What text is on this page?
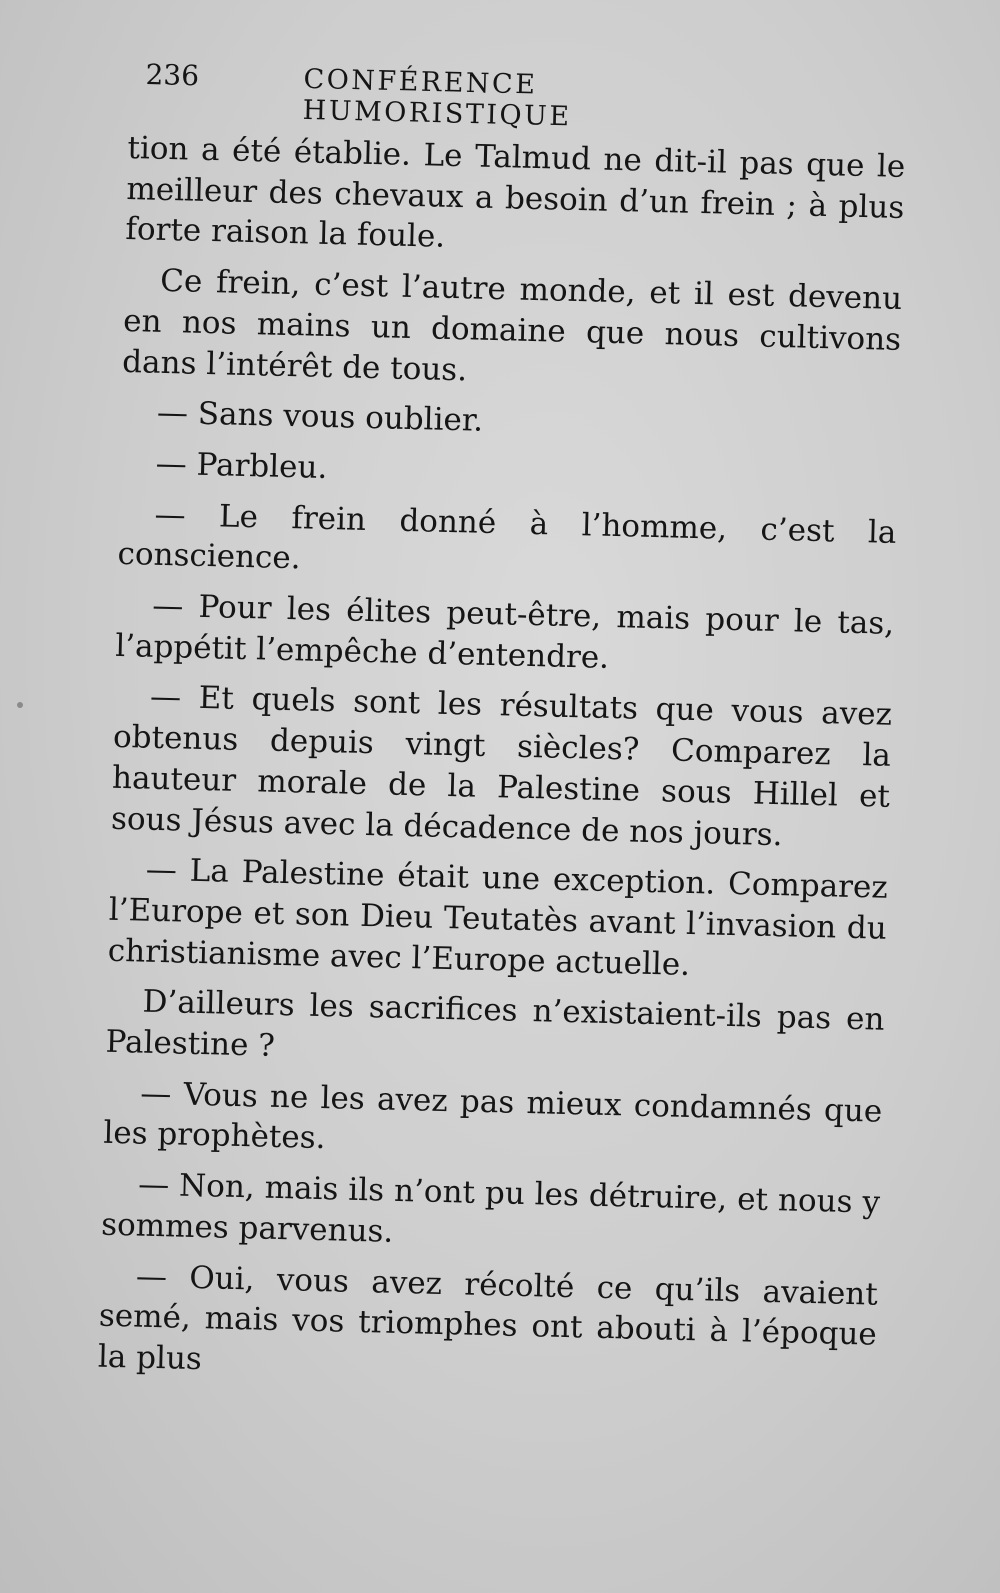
236	CONFÉRENCE HUMORISTIQUE

tion a été établie. Le Talmud ne dit-il pas que le meilleur des chevaux a besoin d’un frein ; à plus forte raison la foule.

Ce frein, c’est l’autre monde, et il est devenu en nos mains un domaine que nous cultivons dans l’intérêt de tous.

— Sans vous oublier.

— Parbleu.

— Le frein donné à l’homme, c’est la conscience.

— Pour les élites peut-être, mais pour le tas, l’appétit l’empêche d’entendre.

— Et quels sont les résultats que vous avez obtenus depuis vingt siècles? Comparez la hauteur morale de la Palestine sous Hillel et sous Jésus avec la décadence de nos jours.

— La Palestine était une exception. Comparez l’Europe et son Dieu Teutatès avant l’invasion du christianisme avec l’Europe actuelle.

D’ailleurs les sacrifices n’existaient-ils pas en Palestine ?

— Vous ne les avez pas mieux condamnés que les prophètes.

— Non, mais ils n’ont pu les détruire, et nous y sommes parvenus.

— Oui, vous avez récolté ce qu’ils avaient semé, mais vos triomphes ont abouti à l’époque la plus
